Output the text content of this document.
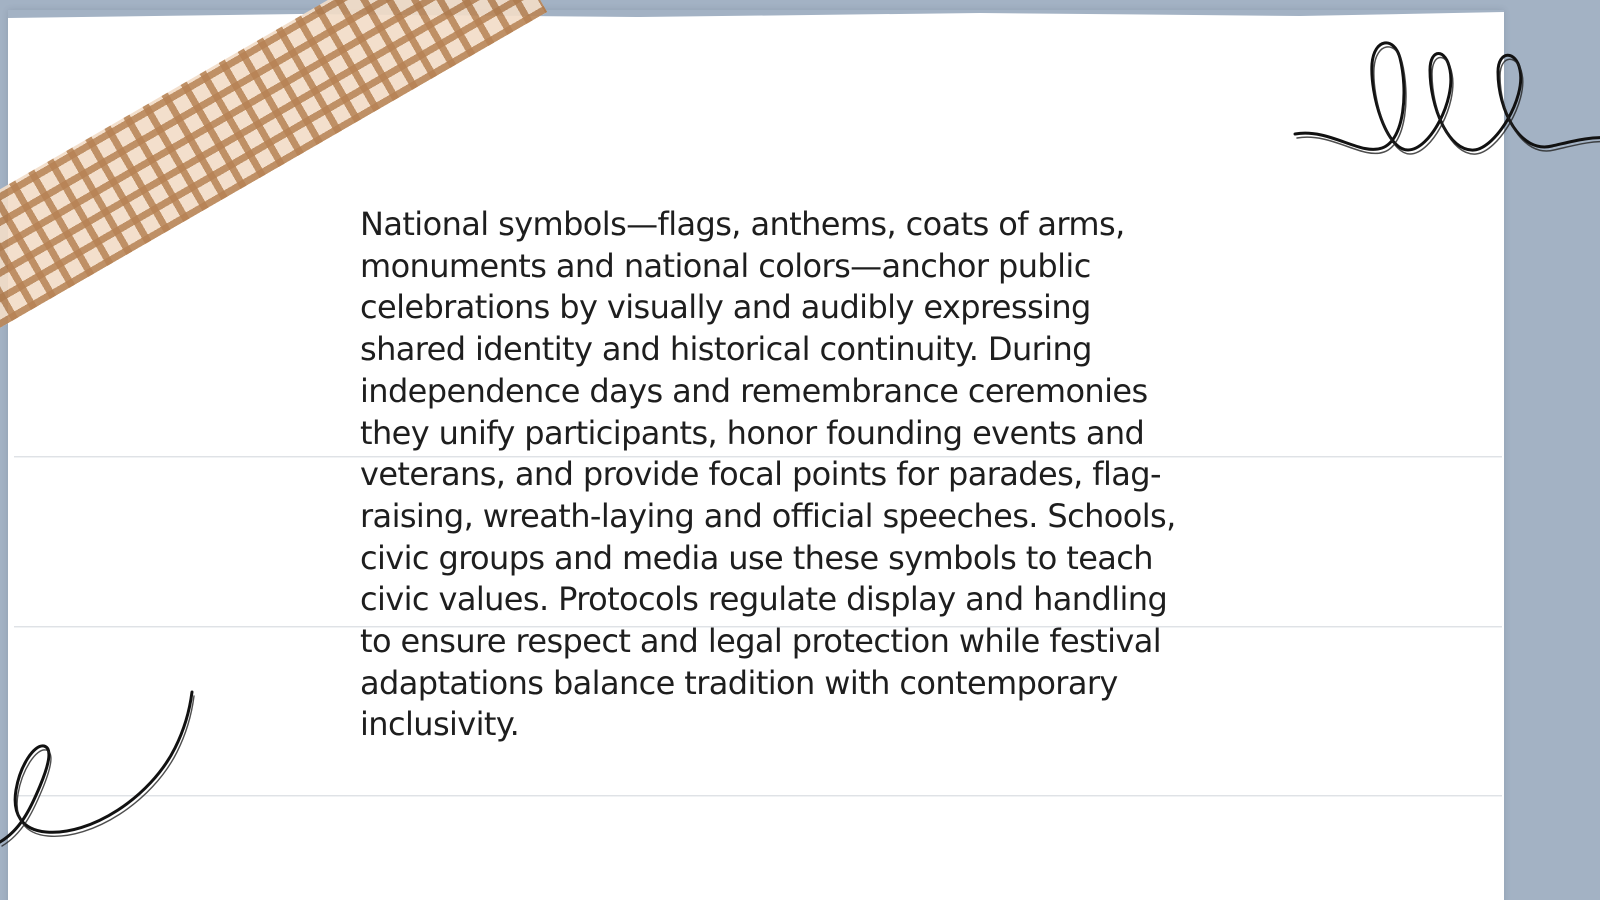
National symbols—flags, anthems, coats of arms,
monuments and national colors—anchor public
celebrations by visually and audibly expressing
shared identity and historical continuity. During
independence days and remembrance ceremonies
they unify participants, honor founding events and
veterans, and provide focal points for parades, flag-
raising, wreath-laying and official speeches. Schools,
civic groups and media use these symbols to teach
civic values. Protocols regulate display and handling
to ensure respect and legal protection while festival
adaptations balance tradition with contemporary
inclusivity.
